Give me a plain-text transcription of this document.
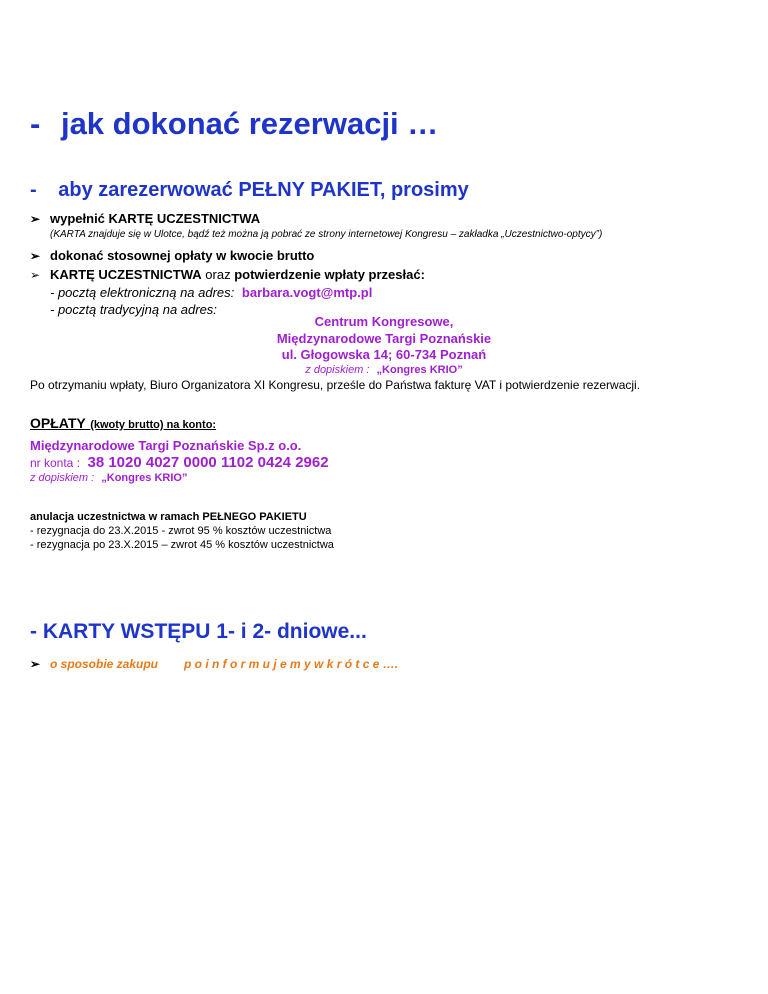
- jak dokonać rezerwacji …
- aby zarezerwować PEŁNY PAKIET, prosimy
➢ wypełnić KARTĘ UCZESTNICTWA
(KARTA znajduje się w Ulotce, bądź też można ją pobrać ze strony internetowej Kongresu – zakładka „Uczestnictwo-optycy”)
➢ dokonać stosownej opłaty w kwocie brutto
➢ KARTĘ UCZESTNICTWA oraz potwierdzenie wpłaty przesłać:
- pocztą elektroniczną na adres: barbara.vogt@mtp.pl
- pocztą tradycyjną na adres:
Centrum Kongresowe,
Międzynarodowe Targi Poznańskie
ul. Głogowska 14; 60-734 Poznań
z dopiskiem : „Kongres KRIO”
Po otrzymaniu wpłaty, Biuro Organizatora XI Kongresu, prześle do Państwa fakturę VAT i potwierdzenie rezerwacji.
OPŁATY (kwoty brutto) na konto:
Międzynarodowe Targi Poznańskie Sp.z o.o.
nr konta : 38 1020 4027 0000 1102 0424 2962
z dopiskiem : „Kongres KRIO”
anulacja uczestnictwa w ramach PEŁNEGO PAKIETU
- rezygnacja do 23.X.2015 - zwrot 95 % kosztów uczestnictwa
- rezygnacja po 23.X.2015 – zwrot 45 % kosztów uczestnictwa
- KARTY WSTĘPU 1- i 2- dniowe...
➢ o sposobie zakupu p o i n f o r m u j e m y w k r ó t c e ….
